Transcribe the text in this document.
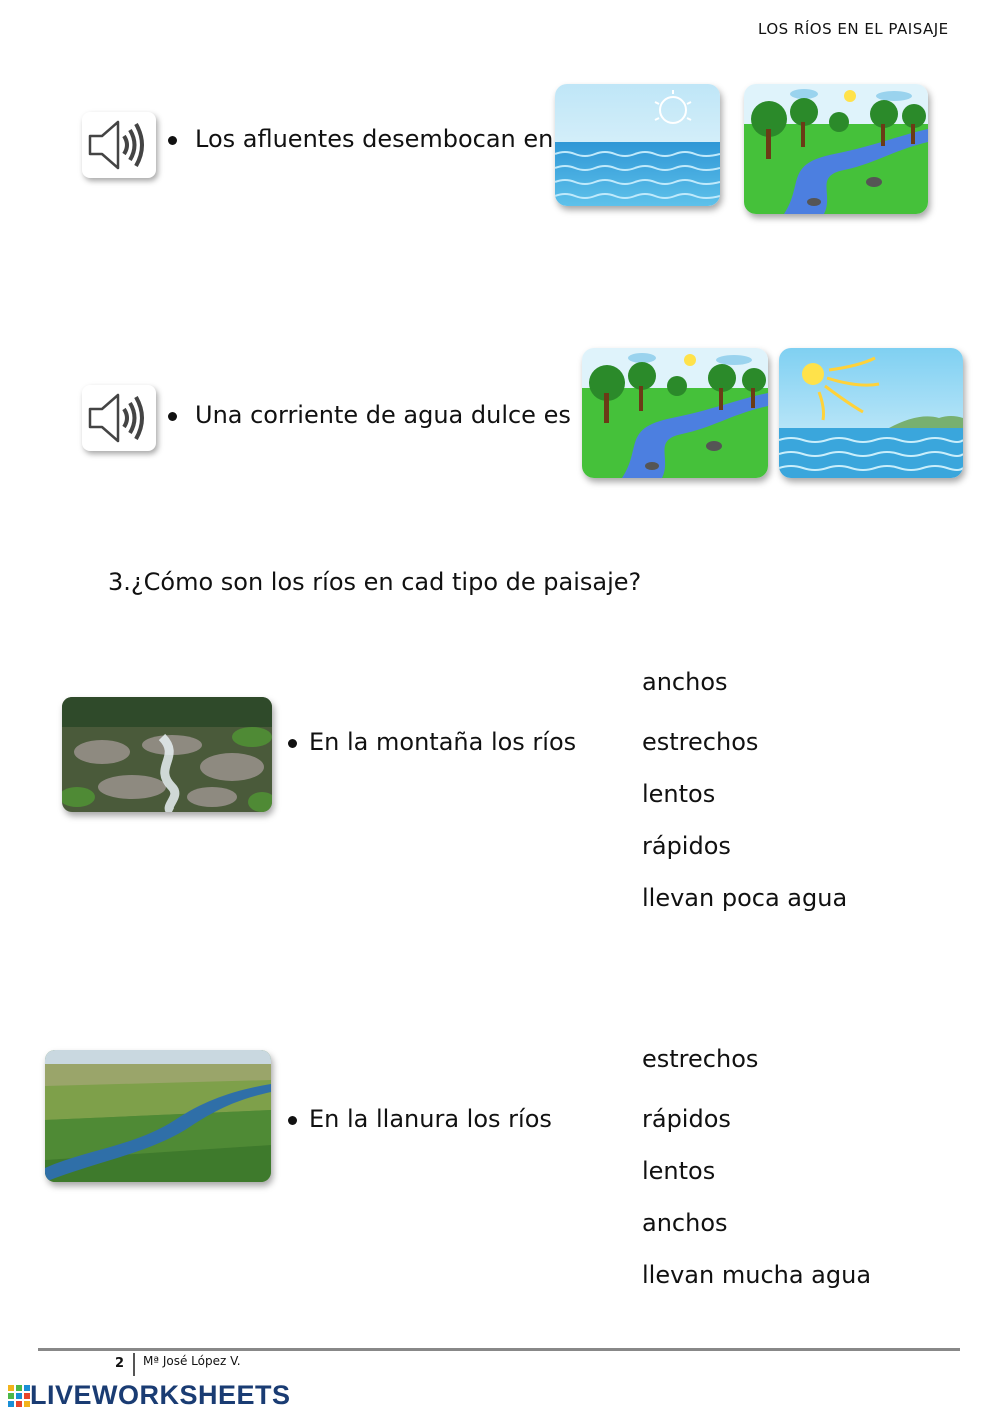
LOS RÍOS EN EL PAISAJE
Los afluentes desembocan en
Una corriente de agua dulce es
3.¿Cómo son los ríos en cad tipo de paisaje?
En la montaña los ríos
anchos
estrechos
lentos
rápidos
llevan poca agua
En la llanura los ríos
estrechos
rápidos
lentos
anchos
llevan mucha agua
2 Mª José López V.
LIVEWORKSHEETS
